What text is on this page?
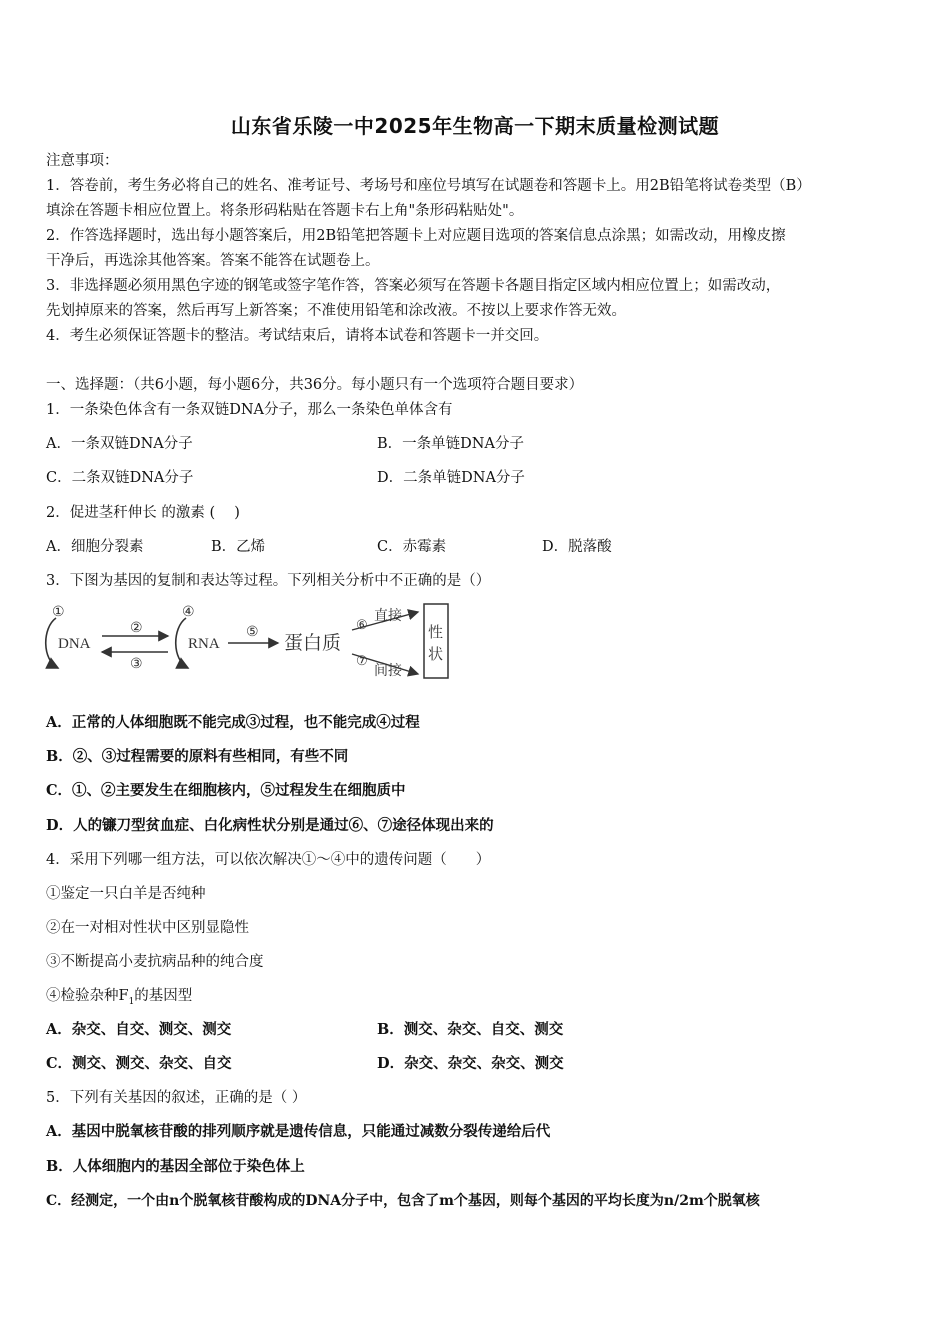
山东省乐陵一中2025年生物高一下期末质量检测试题
注意事项：
1．答卷前，考生务必将自己的姓名、准考证号、考场号和座位号填写在试题卷和答题卡上。用2B铅笔将试卷类型（B）
填涂在答题卡相应位置上。将条形码粘贴在答题卡右上角"条形码粘贴处"。
2．作答选择题时，选出每小题答案后，用2B铅笔把答题卡上对应题目选项的答案信息点涂黑；如需改动，用橡皮擦
干净后，再选涂其他答案。答案不能答在试题卷上。
3．非选择题必须用黑色字迹的钢笔或签字笔作答，答案必须写在答题卡各题目指定区域内相应位置上；如需改动，
先划掉原来的答案，然后再写上新答案；不准使用铅笔和涂改液。不按以上要求作答无效。
4．考生必须保证答题卡的整洁。考试结束后，请将本试卷和答题卡一并交回。
一、选择题：（共6小题，每小题6分，共36分。每小题只有一个选项符合题目要求）
1．一条染色体含有一条双链DNA分子，那么一条染色单体含有
A．一条双链DNA分子	B．一条单链DNA分子
C．二条双链DNA分子	D．二条单链DNA分子
2．促进茎秆伸长 的激素 (　 )
A．细胞分裂素	B．乙烯	C．赤霉素	D．脱落酸
3．下图为基因的复制和表达等过程。下列相关分析中不正确的是（）
①
DNA
②
③
④
RNA
⑤ 蛋白质
⑥
直接
⑦
间接
性
状
A．正常的人体细胞既不能完成③过程，也不能完成④过程
B．②、③过程需要的原料有些相同，有些不同
C．①、②主要发生在细胞核内，⑤过程发生在细胞质中
D．人的镰刀型贫血症、白化病性状分别是通过⑥、⑦途径体现出来的
4．采用下列哪一组方法，可以依次解决①～④中的遗传问题（　　）
①鉴定一只白羊是否纯种
②在一对相对性状中区别显隐性
③不断提高小麦抗病品种的纯合度
④检验杂种$F_1$的基因型
A．杂交、自交、测交、测交	B．测交、杂交、自交、测交
C．测交、测交、杂交、自交	D．杂交、杂交、杂交、测交
5．下列有关基因的叙述，正确的是（ ）
A．基因中脱氧核苷酸的排列顺序就是遗传信息，只能通过减数分裂传递给后代
B．人体细胞内的基因全部位于染色体上
C．经测定，一个由n个脱氧核苷酸构成的DNA分子中，包含了m个基因，则每个基因的平均长度为n/2m个脱氧核
